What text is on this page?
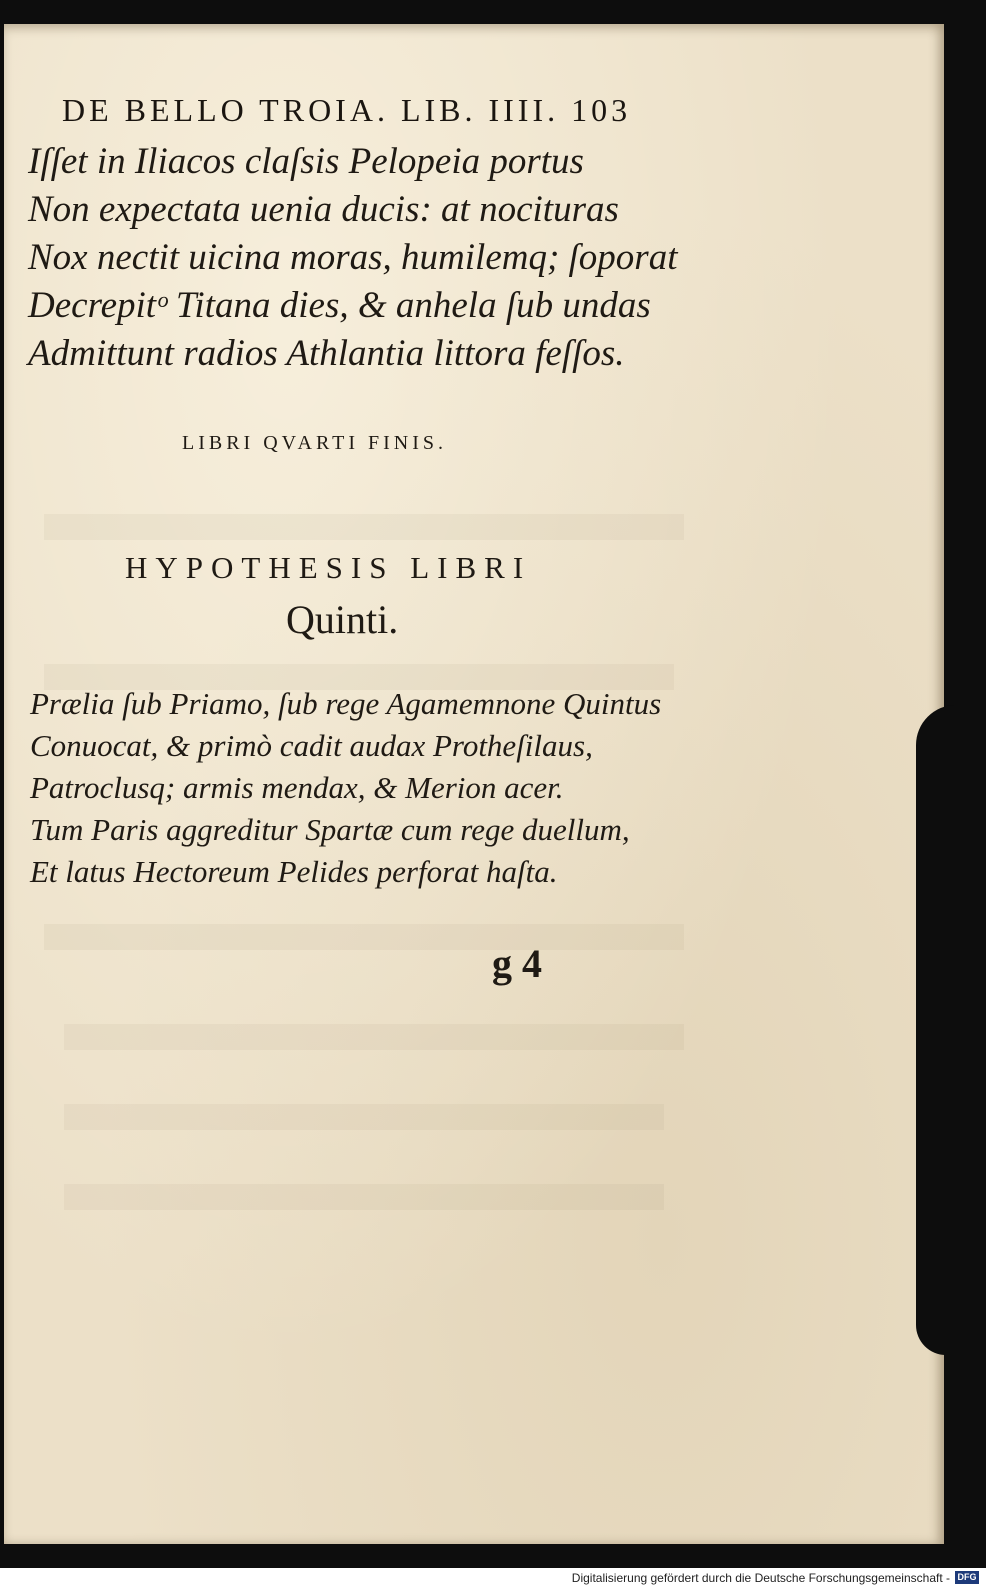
DE BELLO TROIA. LIB. IIII. 103
Iſſet in Iliacos claſsis Pelopeia portus
Non expectata uenia ducis: at nocituras
Nox nectit uicina moras, humilemq; ſoporat
Decrepitᵒ Titana dies, & anhela ſub undas
Admittunt radios Athlantia littora feſſos.
LIBRI QVARTI FINIS.
HYPOTHESIS LIBRI
Quinti.
Prælia ſub Priamo, ſub rege Agamemnone Quintus
Conuocat, & primò cadit audax Protheſilaus,
Patroclusq; armis mendax, & Merion acer.
Tum Paris aggreditur Spartæ cum rege duellum,
Et latus Hectoreum Pelides perforat haſta.
g 4
Digitalisierung gefördert durch die Deutsche Forschungsgemeinschaft - DFG
